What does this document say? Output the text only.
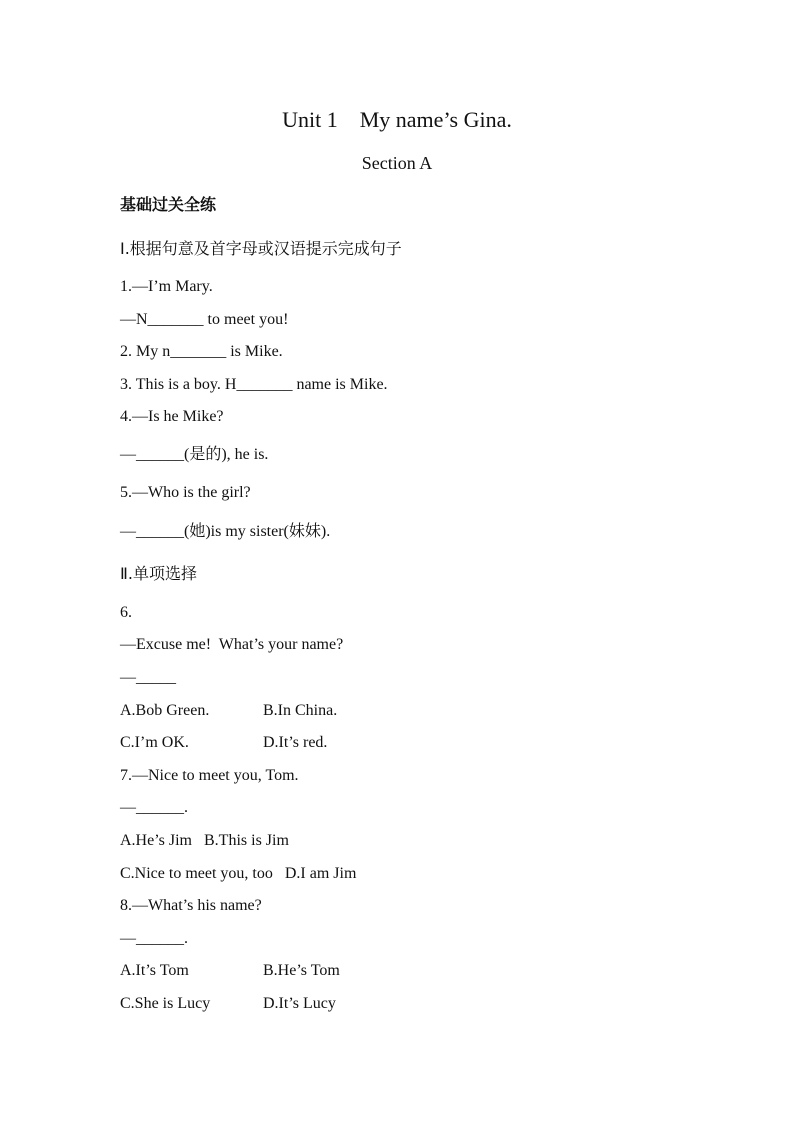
Unit 1    My name’s Gina.
Section A
基础过关全练
Ⅰ.根据句意及首字母或汉语提示完成句子
1.—I’m Mary.
—N_______ to meet you!
2. My n_______ is Mike.
3. This is a boy. H_______ name is Mike.
4.—Is he Mike?
—______(是的), he is.
5.—Who is the girl?
—______(她)is my sister(妹妹).
Ⅱ.单项选择
6.
—Excuse me!  What’s your name?
—_____
A.Bob Green.	B.In China.
C.I’m OK.	D.It’s red.
7.—Nice to meet you, Tom.
—______.
A.He’s Jim   B.This is Jim
C.Nice to meet you, too   D.I am Jim
8.—What’s his name?
—______.
A.It’s Tom	B.He’s Tom
C.She is Lucy	D.It’s Lucy
